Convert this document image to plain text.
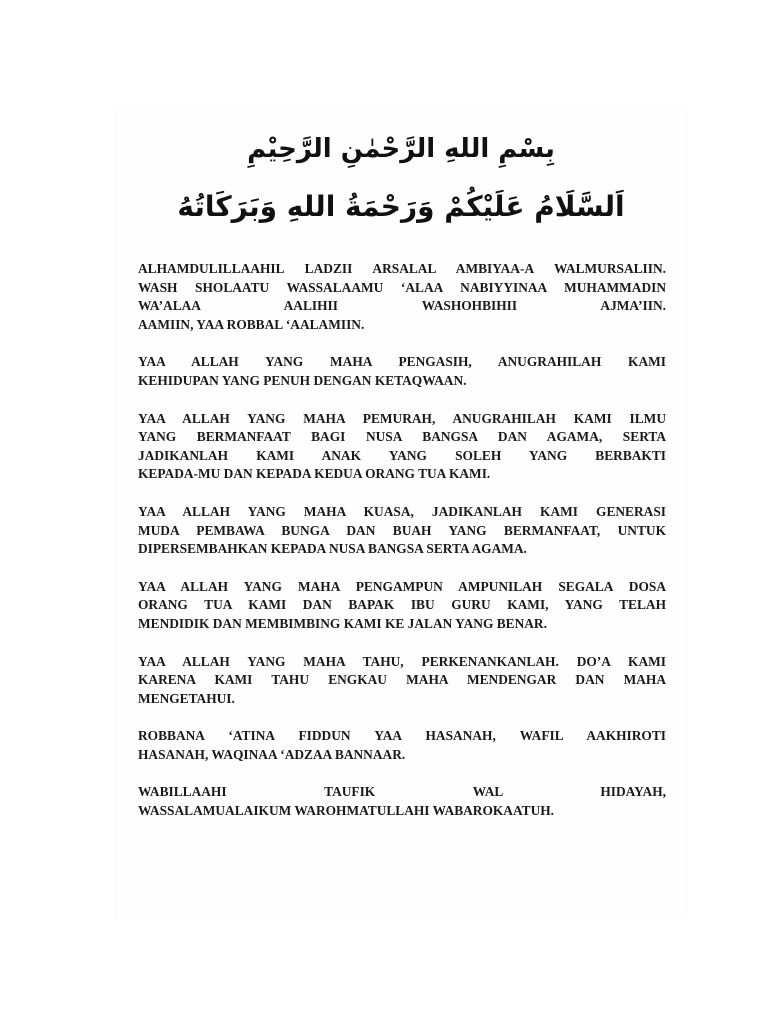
بِسْمِ اللهِ الرَّحْمٰنِ الرَّحِيْمِ
اَلسَّلَامُ عَلَيْكُمْ وَرَحْمَةُ اللهِ وَبَرَكَاتُهُ

ALHAMDULILLAAHIL LADZII ARSALAL AMBIYAA-A WALMURSALIIN.
WASH SHOLAATU WASSALAAMU ‘ALAA NABIYYINAA MUHAMMADIN
WA’ALAA AALIHII WASHOHBIHII AJMA’IIN.
AAMIIN, YAA ROBBAL ‘AALAMIIN.

YAA ALLAH YANG MAHA PENGASIH, ANUGRAHILAH KAMI
KEHIDUPAN YANG PENUH DENGAN KETAQWAAN.

YAA ALLAH YANG MAHA PEMURAH, ANUGRAHILAH KAMI ILMU
YANG BERMANFAAT BAGI NUSA BANGSA DAN AGAMA, SERTA
JADIKANLAH KAMI ANAK YANG SOLEH YANG BERBAKTI
KEPADA-MU DAN KEPADA KEDUA ORANG TUA KAMI.

YAA ALLAH YANG MAHA KUASA, JADIKANLAH KAMI GENERASI
MUDA PEMBAWA BUNGA DAN BUAH YANG BERMANFAAT, UNTUK
DIPERSEMBAHKAN KEPADA NUSA BANGSA SERTA AGAMA.

YAA ALLAH YANG MAHA PENGAMPUN AMPUNILAH SEGALA DOSA
ORANG TUA KAMI DAN BAPAK IBU GURU KAMI, YANG TELAH
MENDIDIK DAN MEMBIMBING KAMI KE JALAN YANG BENAR.

YAA ALLAH YANG MAHA TAHU, PERKENANKANLAH. DO’A KAMI
KARENA KAMI TAHU ENGKAU MAHA MENDENGAR DAN MAHA
MENGETAHUI.

ROBBANA ‘ATINA FIDDUN YAA HASANAH, WAFIL AAKHIROTI
HASANAH, WAQINAA ‘ADZAA BANNAAR.

WABILLAAHI TAUFIK WAL HIDAYAH,
WASSALAMUALAIKUM WAROHMATULLAHI WABAROKAATUH.
